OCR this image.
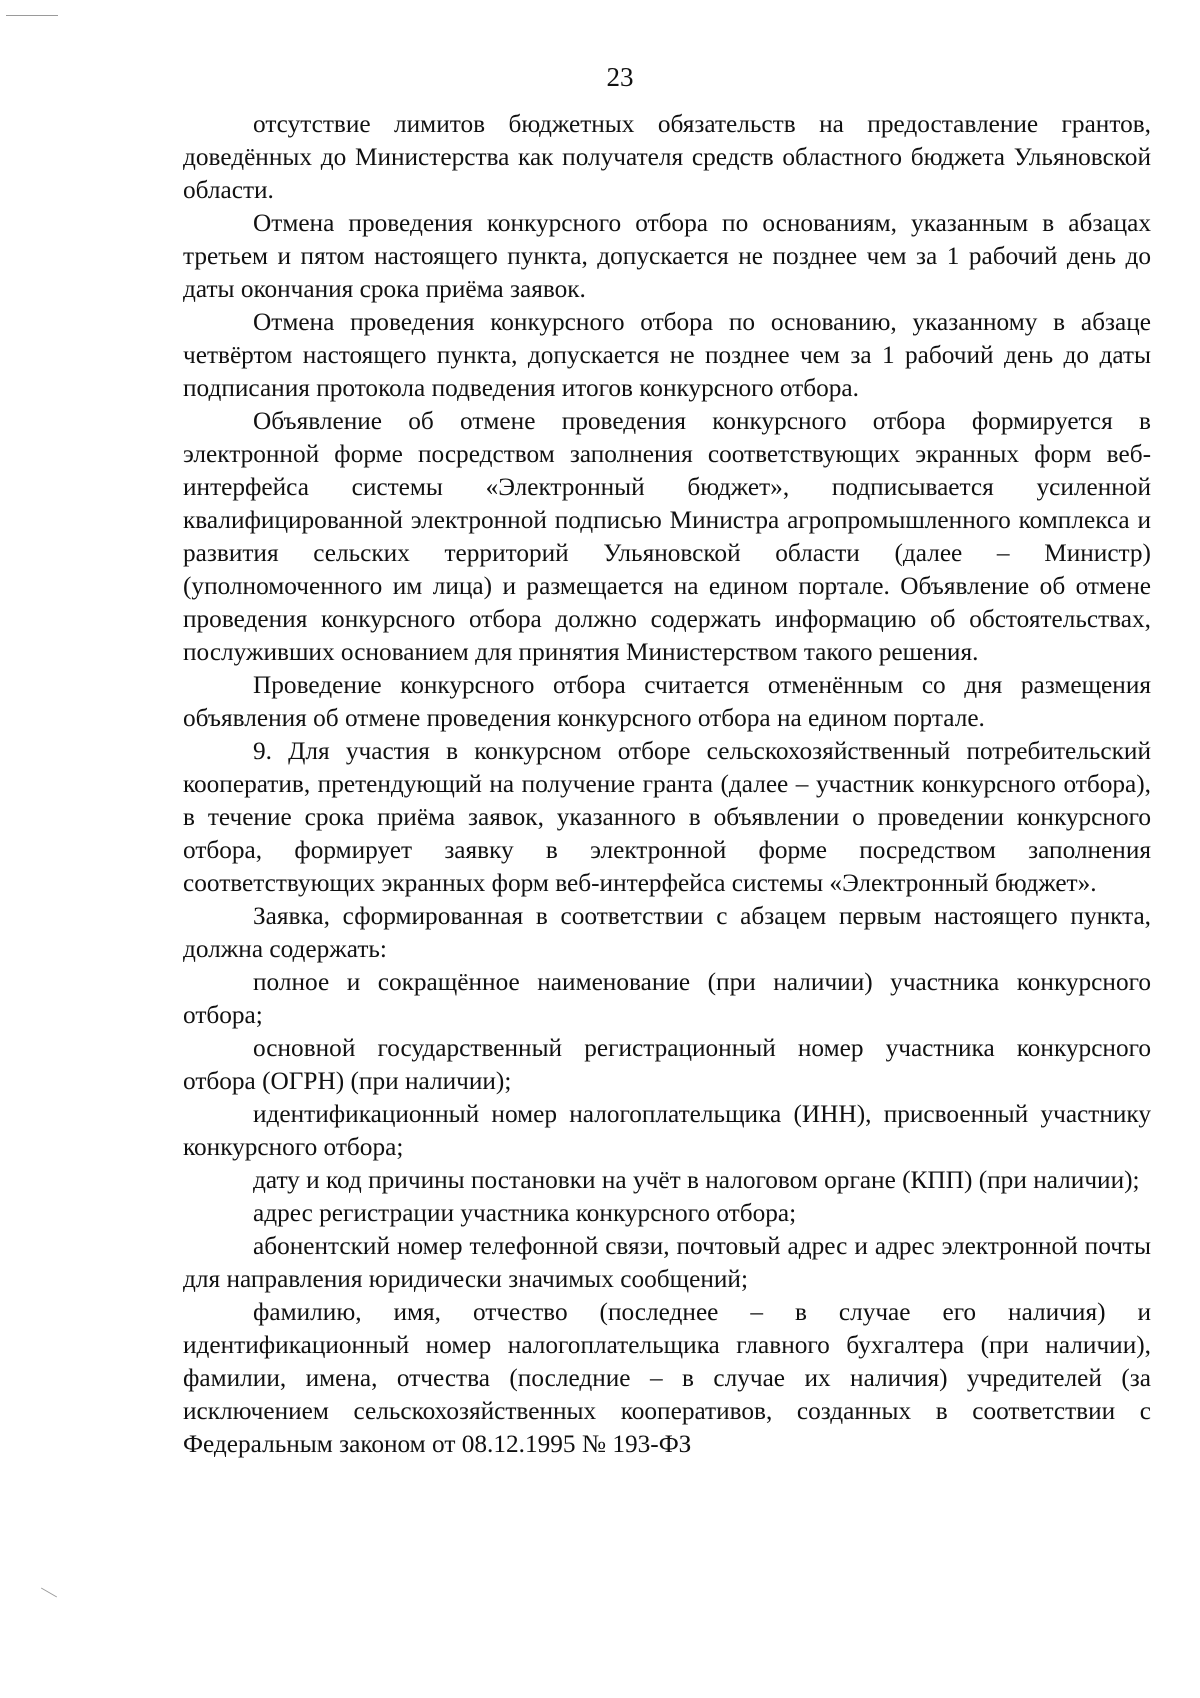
23

отсутствие лимитов бюджетных обязательств на предоставление грантов, доведённых до Министерства как получателя средств областного бюджета Ульяновской области.

Отмена проведения конкурсного отбора по основаниям, указанным в абзацах третьем и пятом настоящего пункта, допускается не позднее чем за 1 рабочий день до даты окончания срока приёма заявок.

Отмена проведения конкурсного отбора по основанию, указанному в абзаце четвёртом настоящего пункта, допускается не позднее чем за 1 рабочий день до даты подписания протокола подведения итогов конкурсного отбора.

Объявление об отмене проведения конкурсного отбора формируется в электронной форме посредством заполнения соответствующих экранных форм веб-интерфейса системы «Электронный бюджет», подписывается усиленной квалифицированной электронной подписью Министра агропромышленного комплекса и развития сельских территорий Ульяновской области (далее – Министр) (уполномоченного им лица) и размещается на едином портале. Объявление об отмене проведения конкурсного отбора должно содержать информацию об обстоятельствах, послуживших основанием для принятия Министерством такого решения.

Проведение конкурсного отбора считается отменённым со дня размещения объявления об отмене проведения конкурсного отбора на едином портале.

9. Для участия в конкурсном отборе сельскохозяйственный потребительский кооператив, претендующий на получение гранта (далее – участник конкурсного отбора), в течение срока приёма заявок, указанного в объявлении о проведении конкурсного отбора, формирует заявку в электронной форме посредством заполнения соответствующих экранных форм веб-интерфейса системы «Электронный бюджет».

Заявка, сформированная в соответствии с абзацем первым настоящего пункта, должна содержать:

полное и сокращённое наименование (при наличии) участника конкурсного отбора;

основной государственный регистрационный номер участника конкурсного отбора (ОГРН) (при наличии);

идентификационный номер налогоплательщика (ИНН), присвоенный участнику конкурсного отбора;

дату и код причины постановки на учёт в налоговом органе (КПП) (при наличии);

адрес регистрации участника конкурсного отбора;

абонентский номер телефонной связи, почтовый адрес и адрес электронной почты для направления юридически значимых сообщений;

фамилию, имя, отчество (последнее – в случае его наличия) и идентификационный номер налогоплательщика главного бухгалтера (при наличии), фамилии, имена, отчества (последние – в случае их наличия) учредителей (за исключением сельскохозяйственных кооперативов, созданных в соответствии с Федеральным законом от 08.12.1995 № 193-ФЗ
